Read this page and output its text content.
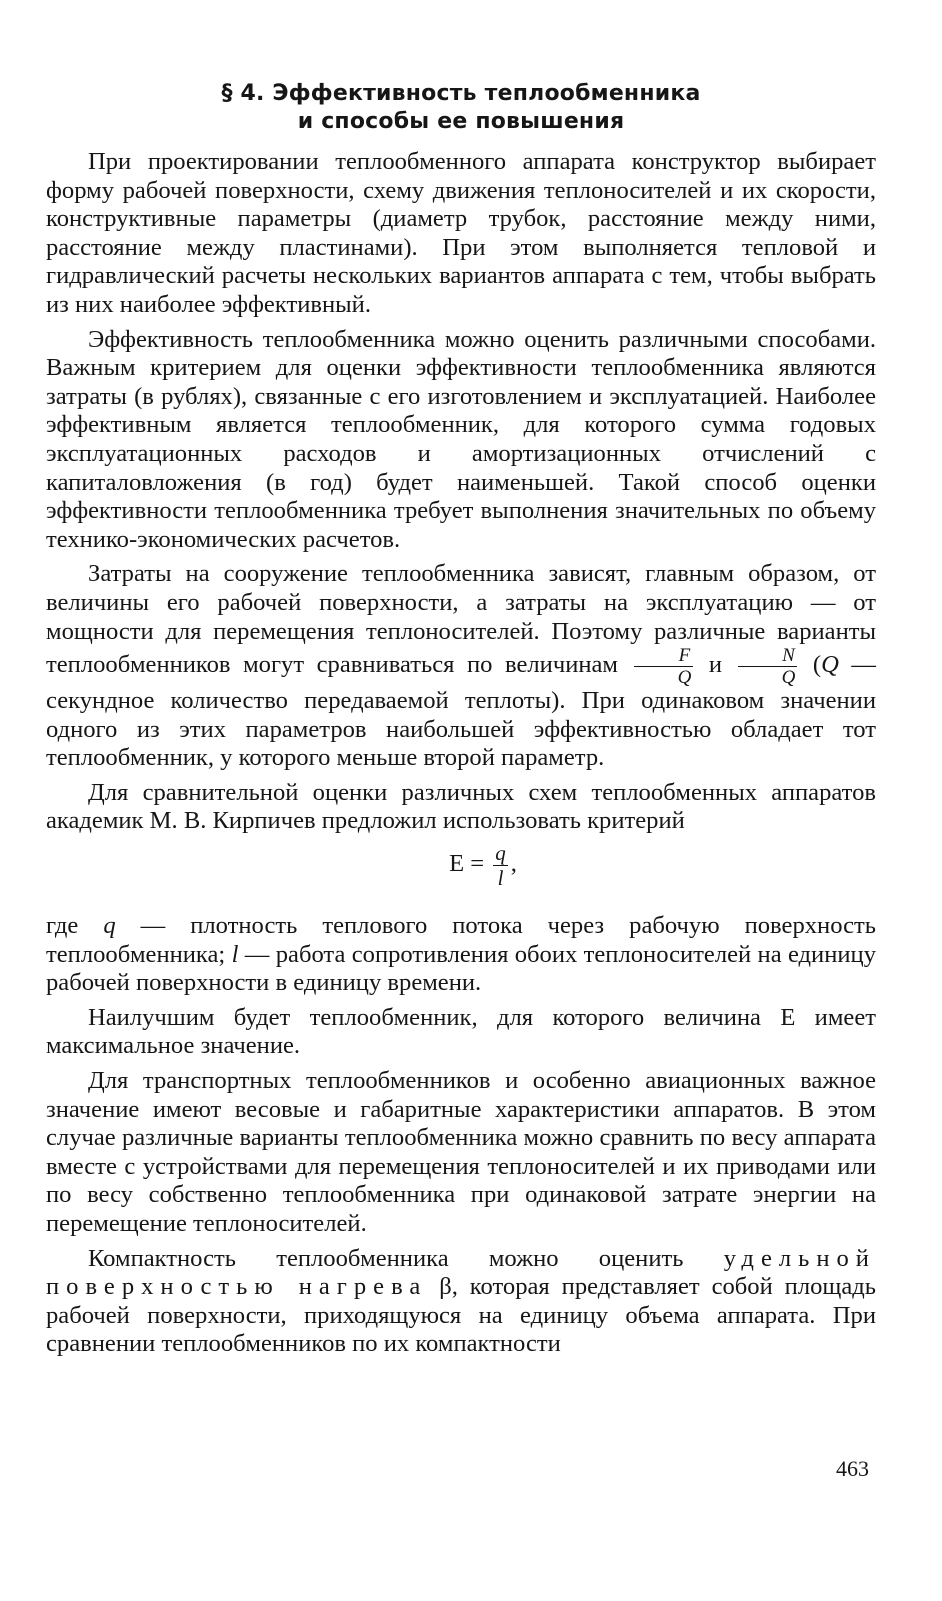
§ 4. Эффективность теплообменника
и способы ее повышения

При проектировании теплообменного аппарата конструктор выбирает форму рабочей поверхности, схему движения теплоносителей и их скорости, конструктивные параметры (диаметр трубок, расстояние между ними, расстояние между пластинами). При этом выполняется тепловой и гидравлический расчеты нескольких вариантов аппарата с тем, чтобы выбрать из них наиболее эффективный.

Эффективность теплообменника можно оценить различными способами. Важным критерием для оценки эффективности теплообменника являются затраты (в рублях), связанные с его изготовлением и эксплуатацией. Наиболее эффективным является теплообменник, для которого сумма годовых эксплуатационных расходов и амортизационных отчислений с капиталовложения (в год) будет наименьшей. Такой способ оценки эффективности теплообменника требует выполнения значительных по объему технико-экономических расчетов.

Затраты на сооружение теплообменника зависят, главным образом, от величины его рабочей поверхности, а затраты на эксплуатацию — от мощности для перемещения теплоносителей. Поэтому различные варианты теплообменников могут сравниваться по величинам $\frac{F}{Q}$ и $\frac{N}{Q} (Q$ — секундное количество передаваемой теплоты). При одинаковом значении одного из этих параметров наибольшей эффективностью обладает тот теплообменник, у которого меньше второй параметр.

Для сравнительной оценки различных схем теплообменных аппаратов академик М. В. Кирпичев предложил использовать критерий

$E = \frac{q}{l}$ ,

где q — плотность теплового потока через рабочую поверхность теплообменника; l — работа сопротивления обоих теплоносителей на единицу рабочей поверхности в единицу времени.

Наилучшим будет теплообменник, для которого величина E имеет максимальное значение.

Для транспортных теплообменников и особенно авиационных важное значение имеют весовые и габаритные характеристики аппаратов. В этом случае различные варианты теплообменника можно сравнить по весу аппарата вместе с устройствами для перемещения теплоносителей и их приводами или по весу собственно теплообменника при одинаковой затрате энергии на перемещение теплоносителей.

Компактность теплообменника можно оценить удельной поверхностью нагрева β, которая представляет собой площадь рабочей поверхности, приходящуюся на единицу объема аппарата. При сравнении теплообменников по их компактности

463
